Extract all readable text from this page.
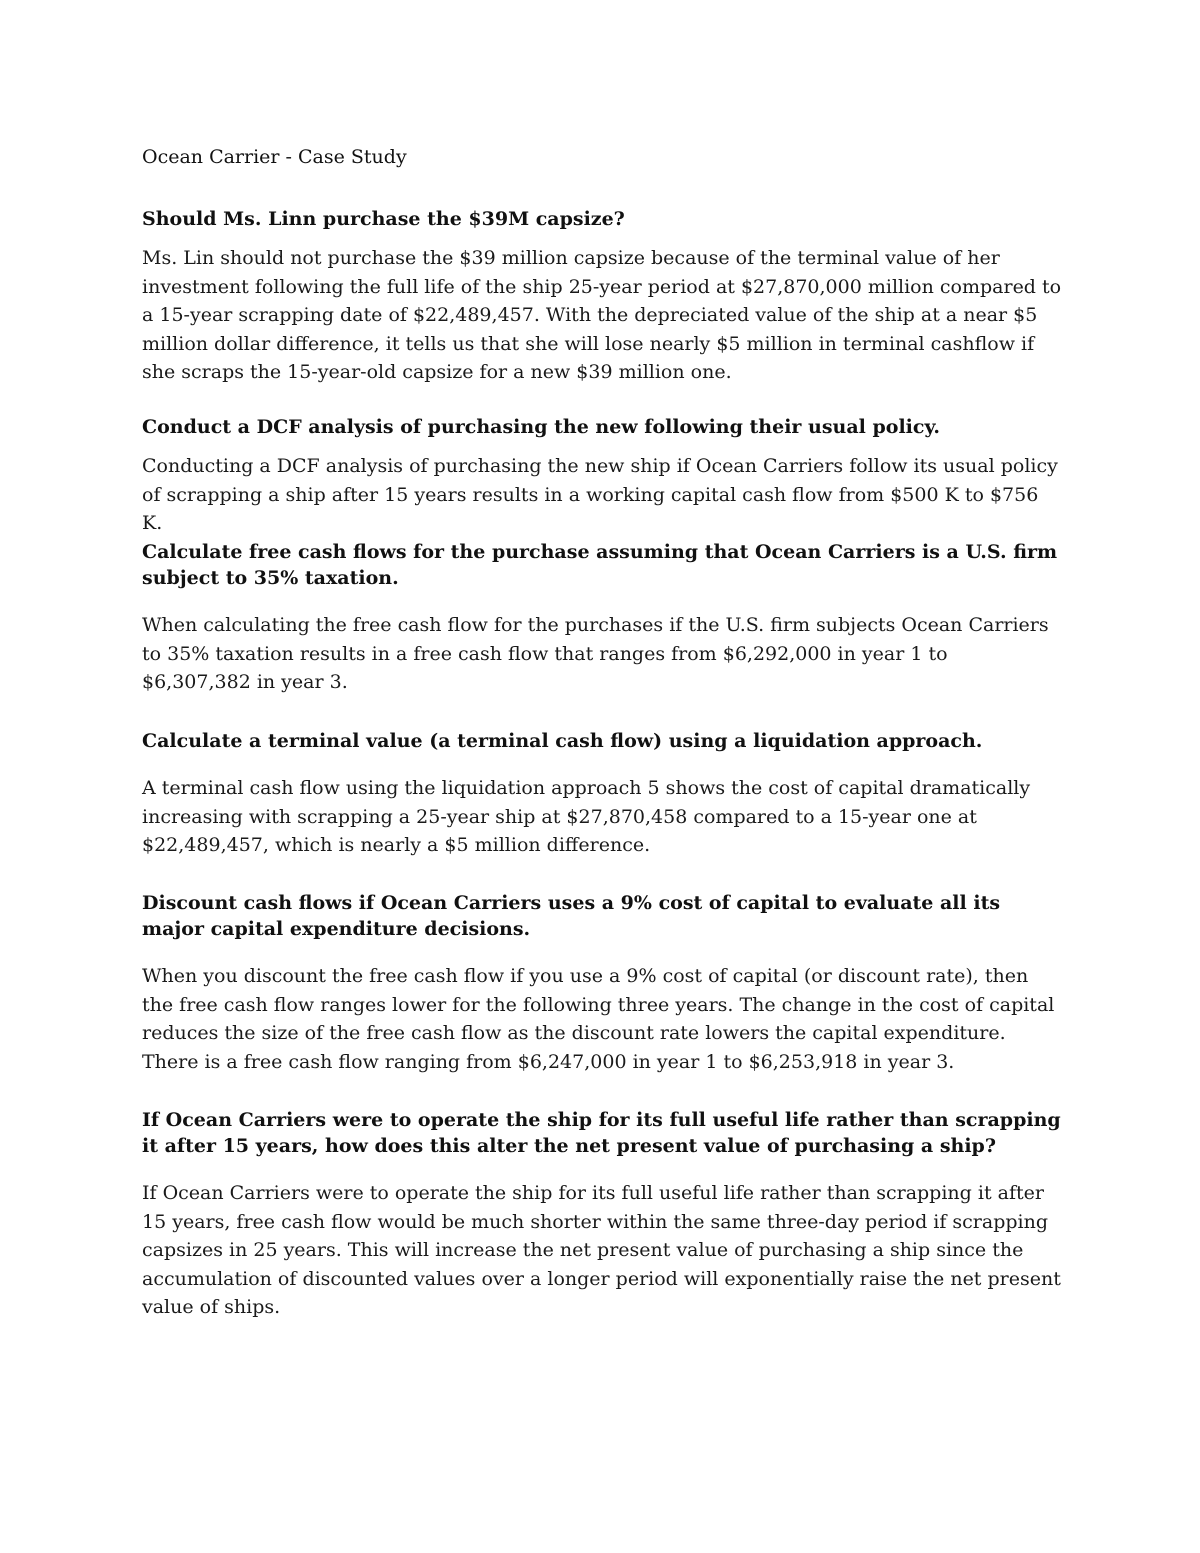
Ocean Carrier - Case Study
Should Ms. Linn purchase the $39M capsize?

Ms. Lin should not purchase the $39 million capsize because of the terminal value of her investment following the full life of the ship 25-year period at $27,870,000 million compared to a 15-year scrapping date of $22,489,457. With the depreciated value of the ship at a near $5 million dollar difference, it tells us that she will lose nearly $5 million in terminal cashflow if she scraps the 15-year-old capsize for a new $39 million one.

Conduct a DCF analysis of purchasing the new following their usual policy.

Conducting a DCF analysis of purchasing the new ship if Ocean Carriers follow its usual policy of scrapping a ship after 15 years results in a working capital cash flow from $500 K to $756 K.

Calculate free cash flows for the purchase assuming that Ocean Carriers is a U.S. firm subject to 35% taxation.

When calculating the free cash flow for the purchases if the U.S. firm subjects Ocean Carriers to 35% taxation results in a free cash flow that ranges from $6,292,000 in year 1 to $6,307,382 in year 3.

Calculate a terminal value (a terminal cash flow) using a liquidation approach.

A terminal cash flow using the liquidation approach 5 shows the cost of capital dramatically increasing with scrapping a 25-year ship at $27,870,458 compared to a 15-year one at $22,489,457, which is nearly a $5 million difference.

Discount cash flows if Ocean Carriers uses a 9% cost of capital to evaluate all its major capital expenditure decisions.

When you discount the free cash flow if you use a 9% cost of capital (or discount rate), then the free cash flow ranges lower for the following three years. The change in the cost of capital reduces the size of the free cash flow as the discount rate lowers the capital expenditure. There is a free cash flow ranging from $6,247,000 in year 1 to $6,253,918 in year 3.

If Ocean Carriers were to operate the ship for its full useful life rather than scrapping it after 15 years, how does this alter the net present value of purchasing a ship?

If Ocean Carriers were to operate the ship for its full useful life rather than scrapping it after 15 years, free cash flow would be much shorter within the same three-day period if scrapping capsizes in 25 years. This will increase the net present value of purchasing a ship since the accumulation of discounted values over a longer period will exponentially raise the net present value of ships.
